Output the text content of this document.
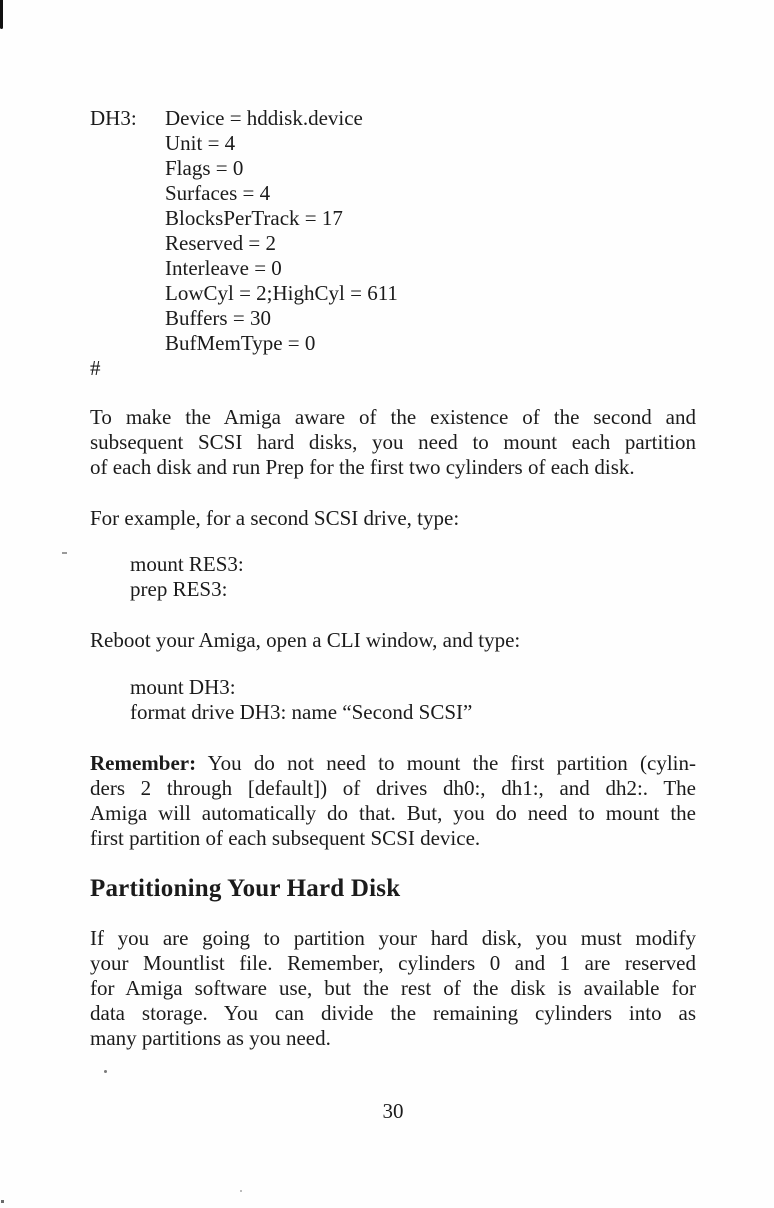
DH3: Device = hddisk.device
Unit = 4
Flags = 0
Surfaces = 4
BlocksPerTrack = 17
Reserved = 2
Interleave = 0
LowCyl = 2;HighCyl = 611
Buffers = 30
BufMemType = 0
#
To make the Amiga aware of the existence of the second and
subsequent SCSI hard disks, you need to mount each partition
of each disk and run Prep for the first two cylinders of each disk.
For example, for a second SCSI drive, type:
mount RES3:
prep RES3:
Reboot your Amiga, open a CLI window, and type:
mount DH3:
format drive DH3: name “Second SCSI”
Remember: You do not need to mount the first partition (cylin-
ders 2 through [default]) of drives dh0:, dh1:, and dh2:. The
Amiga will automatically do that. But, you do need to mount the
first partition of each subsequent SCSI device.
Partitioning Your Hard Disk
If you are going to partition your hard disk, you must modify
your Mountlist file. Remember, cylinders 0 and 1 are reserved
for Amiga software use, but the rest of the disk is available for
data storage. You can divide the remaining cylinders into as
many partitions as you need.
30
